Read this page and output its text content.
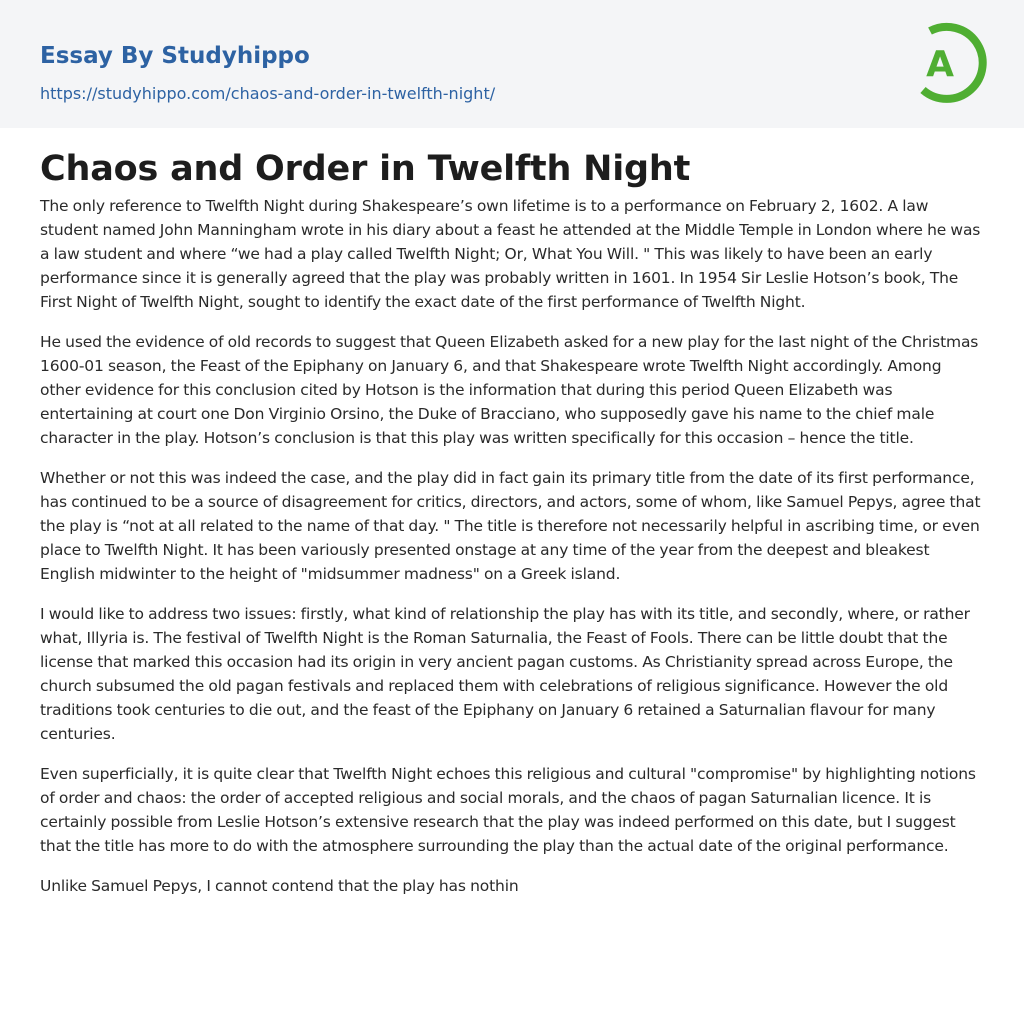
Essay By Studyhippo
https://studyhippo.com/chaos-and-order-in-twelfth-night/
A
Chaos and Order in Twelfth Night

The only reference to Twelfth Night during Shakespeare’s own lifetime is to a performance on February 2, 1602. A law student named John Manningham wrote in his diary about a feast he attended at the Middle Temple in London where he was a law student and where “we had a play called Twelfth Night; Or, What You Will. " This was likely to have been an early performance since it is generally agreed that the play was probably written in 1601. In 1954 Sir Leslie Hotson’s book, The First Night of Twelfth Night, sought to identify the exact date of the first performance of Twelfth Night.

He used the evidence of old records to suggest that Queen Elizabeth asked for a new play for the last night of the Christmas 1600-01 season, the Feast of the Epiphany on January 6, and that Shakespeare wrote Twelfth Night accordingly. Among other evidence for this conclusion cited by Hotson is the information that during this period Queen Elizabeth was entertaining at court one Don Virginio Orsino, the Duke of Bracciano, who supposedly gave his name to the chief male character in the play. Hotson’s conclusion is that this play was written specifically for this occasion – hence the title.

Whether or not this was indeed the case, and the play did in fact gain its primary title from the date of its first performance, has continued to be a source of disagreement for critics, directors, and actors, some of whom, like Samuel Pepys, agree that the play is “not at all related to the name of that day. " The title is therefore not necessarily helpful in ascribing time, or even place to Twelfth Night. It has been variously presented onstage at any time of the year from the deepest and bleakest English midwinter to the height of "midsummer madness" on a Greek island.

I would like to address two issues: firstly, what kind of relationship the play has with its title, and secondly, where, or rather what, Illyria is. The festival of Twelfth Night is the Roman Saturnalia, the Feast of Fools. There can be little doubt that the license that marked this occasion had its origin in very ancient pagan customs. As Christianity spread across Europe, the church subsumed the old pagan festivals and replaced them with celebrations of religious significance. However the old traditions took centuries to die out, and the feast of the Epiphany on January 6 retained a Saturnalian flavour for many centuries.

Even superficially, it is quite clear that Twelfth Night echoes this religious and cultural "compromise" by highlighting notions of order and chaos: the order of accepted religious and social morals, and the chaos of pagan Saturnalian licence. It is certainly possible from Leslie Hotson’s extensive research that the play was indeed performed on this date, but I suggest that the title has more to do with the atmosphere surrounding the play than the actual date of the original performance.

Unlike Samuel Pepys, I cannot contend that the play has nothin
